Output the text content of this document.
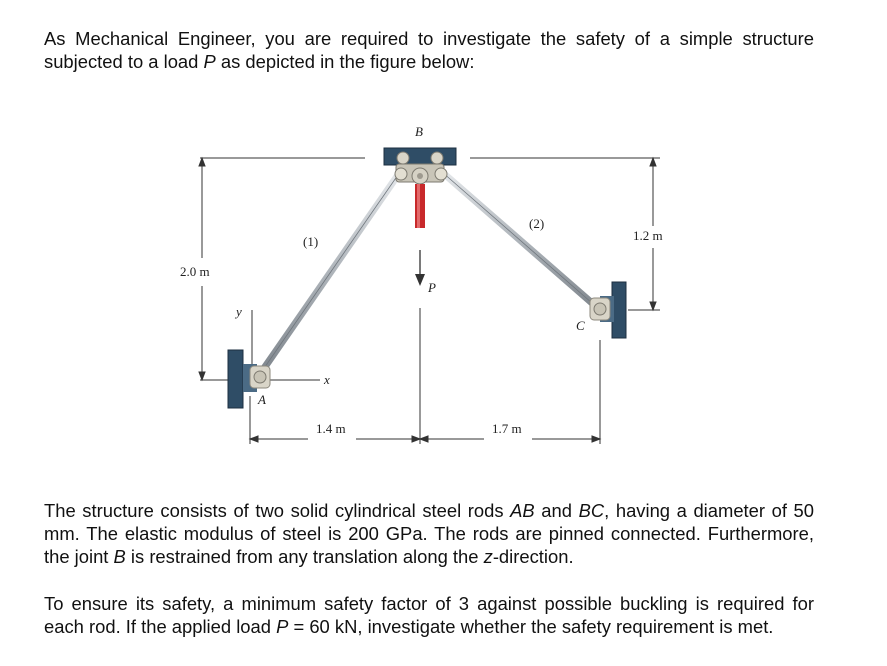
As Mechanical Engineer, you are required to investigate the safety of a simple structure subjected to a load P as depicted in the figure below:

2.0 m
1.2 m
1.4 m	1.7 m
y
x
(1)
(2)
A
C
B
P

The structure consists of two solid cylindrical steel rods AB and BC, having a diameter of 50 mm. The elastic modulus of steel is 200 GPa. The rods are pinned connected. Furthermore, the joint B is restrained from any translation along the z-direction.

To ensure its safety, a minimum safety factor of 3 against possible buckling is required for each rod. If the applied load P = 60 kN, investigate whether the safety requirement is met.
